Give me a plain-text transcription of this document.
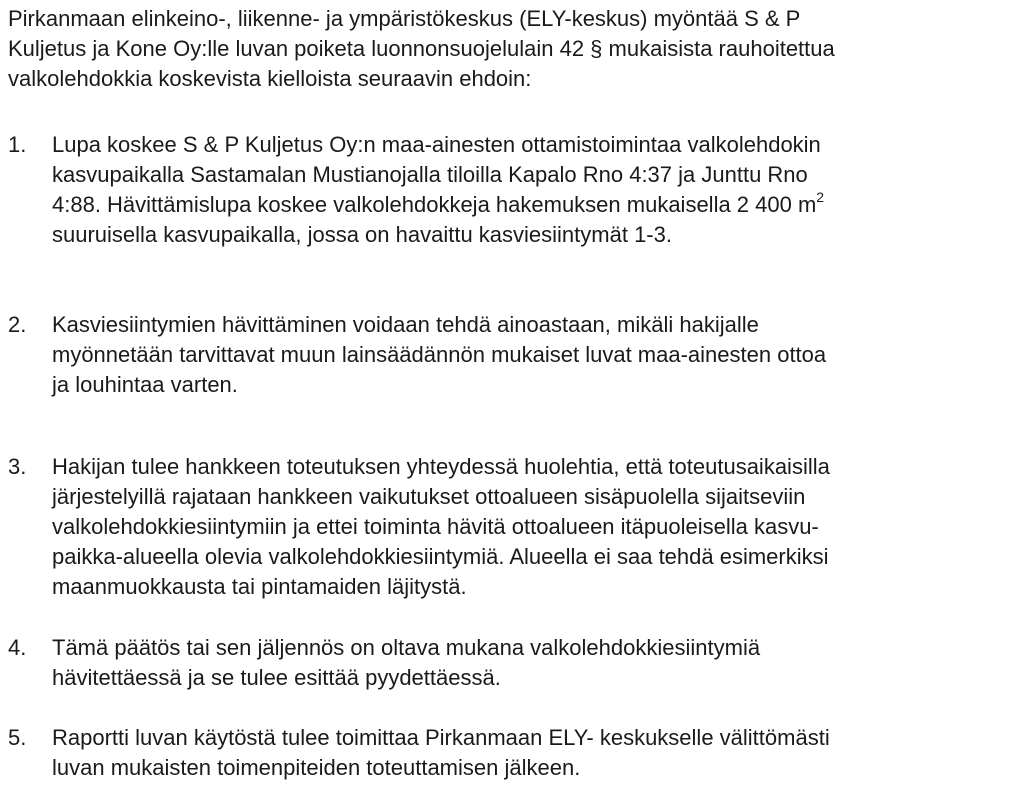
Pirkanmaan elinkeino-, liikenne- ja ympäristökeskus (ELY-keskus) myöntää S & P
Kuljetus ja Kone Oy:lle luvan poiketa luonnonsuojelulain 42 § mukaisista rauhoitettua
valkolehdokkia koskevista kielloista seuraavin ehdoin:
1. Lupa koskee S & P Kuljetus Oy:n maa-ainesten ottamistoimintaa valkolehdokin
kasvupaikalla Sastamalan Mustianojalla tiloilla Kapalo Rno 4:37 ja Junttu Rno
4:88. Hävittämislupa koskee valkolehdokkeja hakemuksen mukaisella 2 400 $m^2$
suuruisella kasvupaikalla, jossa on havaittu kasviesiintymät 1-3.
2. Kasviesiintymien hävittäminen voidaan tehdä ainoastaan, mikäli hakijalle
myönnetään tarvittavat muun lainsäädännön mukaiset luvat maa-ainesten ottoa
ja louhintaa varten.
3. Hakijan tulee hankkeen toteutuksen yhteydessä huolehtia, että toteutusaikaisilla
järjestelyillä rajataan hankkeen vaikutukset ottoalueen sisäpuolella sijaitseviin
valkolehdokkiesiintymiin ja ettei toiminta hävitä ottoalueen itäpuoleisella kasvu-
paikka-alueella olevia valkolehdokkiesiintymiä. Alueella ei saa tehdä esimerkiksi
maanmuokkausta tai pintamaiden läjitystä.
4. Tämä päätös tai sen jäljennös on oltava mukana valkolehdokkiesiintymiä
hävitettäessä ja se tulee esittää pyydettäessä.
5. Raportti luvan käytöstä tulee toimittaa Pirkanmaan ELY- keskukselle välittömästi
luvan mukaisten toimenpiteiden toteuttamisen jälkeen.
